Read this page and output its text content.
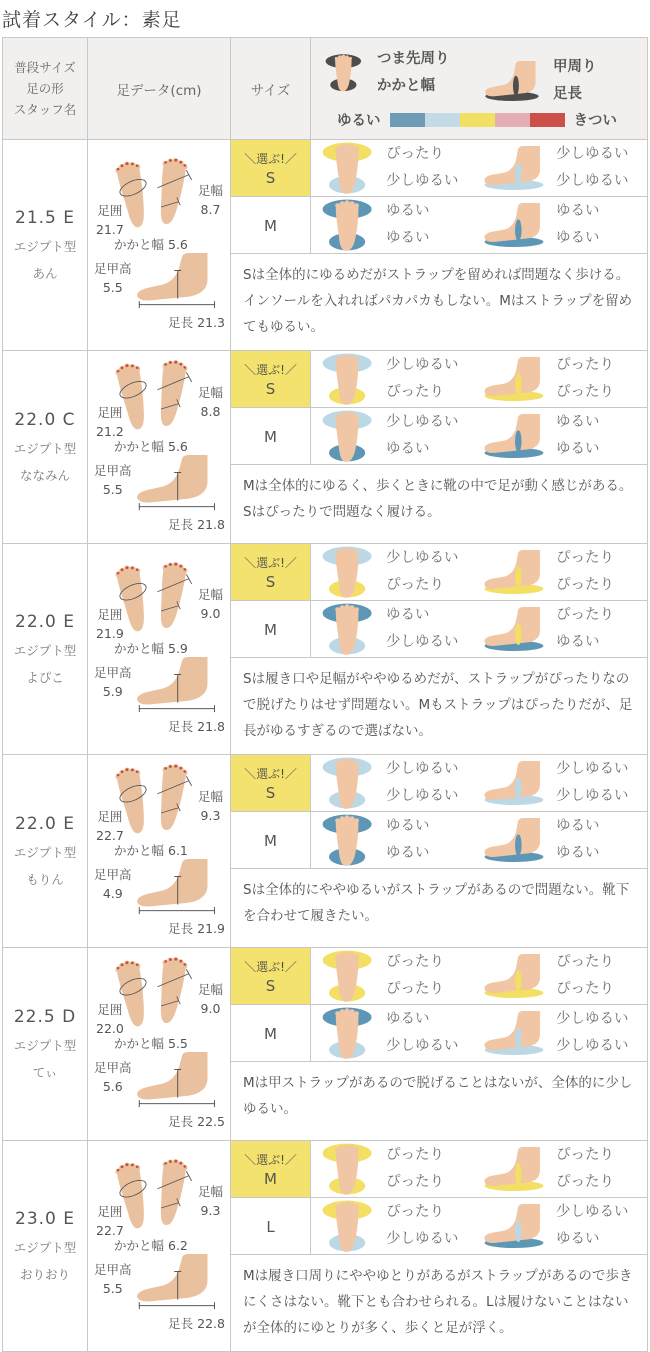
試着スタイル：素足
普段サイズ
足の形
スタッフ名
足データ(cm)	サイズ
つま先周り
かかと幅
甲周り
足長
ゆるい	きつい
21.5 E
エジプト型
あん
足囲
21.7
足幅
8.7
かかと幅 5.6
足甲高
5.5
足長 21.3
＼選ぶ!／
S
ぴったり
少しゆるい
少しゆるい
少しゆるい
M
ゆるい
ゆるい
ゆるい
ゆるい
Sは全体的にゆるめだがストラップを留めれば問題なく歩ける。インソールを入れればパカパカもしない。Mはストラップを留めてもゆるい。
22.0 C
エジプト型
ななみん
足囲
21.2
足幅
8.8
かかと幅 5.6
足甲高
5.5
足長 21.8
＼選ぶ!／
S
少しゆるい
ぴったり
ぴったり
ぴったり
M
少しゆるい
ゆるい
ゆるい
ゆるい
Mは全体的にゆるく、歩くときに靴の中で足が動く感じがある。Sはぴったりで問題なく履ける。
22.0 E
エジプト型
よぴこ
足囲
21.9
足幅
9.0
かかと幅 5.9
足甲高
5.9
足長 21.8
＼選ぶ!／
S
少しゆるい
ぴったり
ぴったり
ぴったり
M
ゆるい
少しゆるい
ぴったり
ゆるい
Sは履き口や足幅がややゆるめだが、ストラップがぴったりなので脱げたりはせず問題ない。Mもストラップはぴったりだが、足長がゆるすぎるので選ばない。
22.0 E
エジプト型
もりん
足囲
22.7
足幅
9.3
かかと幅 6.1
足甲高
4.9
足長 21.9
＼選ぶ!／
S
少しゆるい
少しゆるい
少しゆるい
少しゆるい
M
ゆるい
ゆるい
ゆるい
ゆるい
Sは全体的にややゆるいがストラップがあるので問題ない。靴下を合わせて履きたい。
22.5 D
エジプト型
てぃ
足囲
22.0
足幅
9.0
かかと幅 5.5
足甲高
5.6
足長 22.5
＼選ぶ!／
S
ぴったり
ぴったり
ぴったり
ぴったり
M
ゆるい
少しゆるい
少しゆるい
少しゆるい
Mは甲ストラップがあるので脱げることはないが、全体的に少しゆるい。
23.0 E
エジプト型
おりおり
足囲
22.7
足幅
9.3
かかと幅 6.2
足甲高
5.5
足長 22.8
＼選ぶ!／
M
ぴったり
ぴったり
ぴったり
ぴったり
L
ぴったり
少しゆるい
少しゆるい
ゆるい
Mは履き口周りにややゆとりがあるがストラップがあるので歩きにくさはない。靴下とも合わせられる。Lは履けないことはないが全体的にゆとりが多く、歩くと足が浮く。
